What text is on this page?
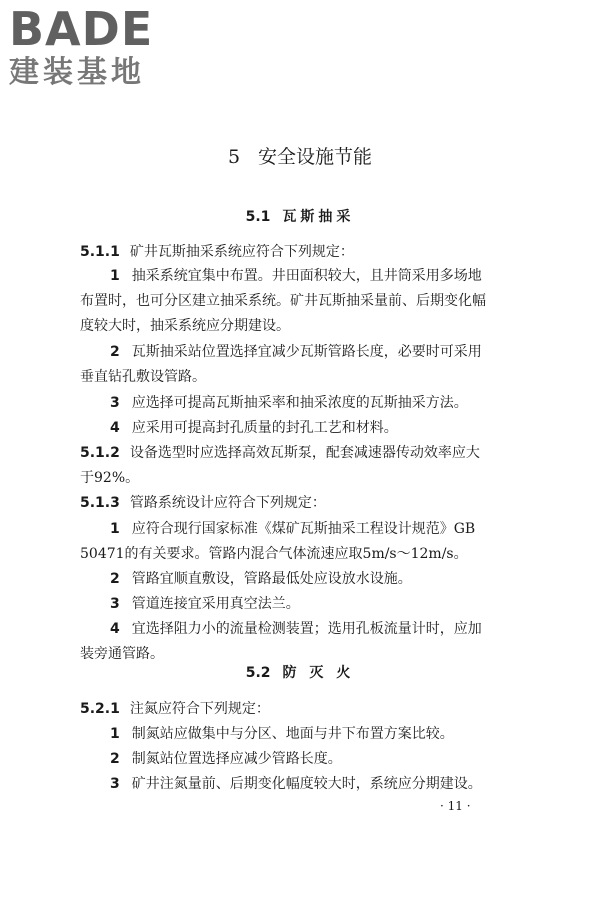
BADE
建装基地
5 安全设施节能
5.1 瓦斯抽采
5.2 防 灭 火
5.1.1 矿井瓦斯抽采系统应符合下列规定：
1 抽采系统宜集中布置。井田面积较大，且井筒采用多场地
布置时，也可分区建立抽采系统。矿井瓦斯抽采量前、后期变化幅
度较大时，抽采系统应分期建设。
2 瓦斯抽采站位置选择宜减少瓦斯管路长度，必要时可采用
垂直钻孔敷设管路。
3 应选择可提高瓦斯抽采率和抽采浓度的瓦斯抽采方法。
4 应采用可提高封孔质量的封孔工艺和材料。
5.1.2 设备选型时应选择高效瓦斯泵，配套减速器传动效率应大
于92%。
5.1.3 管路系统设计应符合下列规定：
1 应符合现行国家标准《煤矿瓦斯抽采工程设计规范》GB
50471的有关要求。管路内混合气体流速应取5m/s～12m/s。
2 管路宜顺直敷设，管路最低处应设放水设施。
3 管道连接宜采用真空法兰。
4 宜选择阻力小的流量检测装置；选用孔板流量计时，应加
装旁通管路。
5.2.1 注氮应符合下列规定：
1 制氮站应做集中与分区、地面与井下布置方案比较。
2 制氮站位置选择应减少管路长度。
3 矿井注氮量前、后期变化幅度较大时，系统应分期建设。
· 11 ·
